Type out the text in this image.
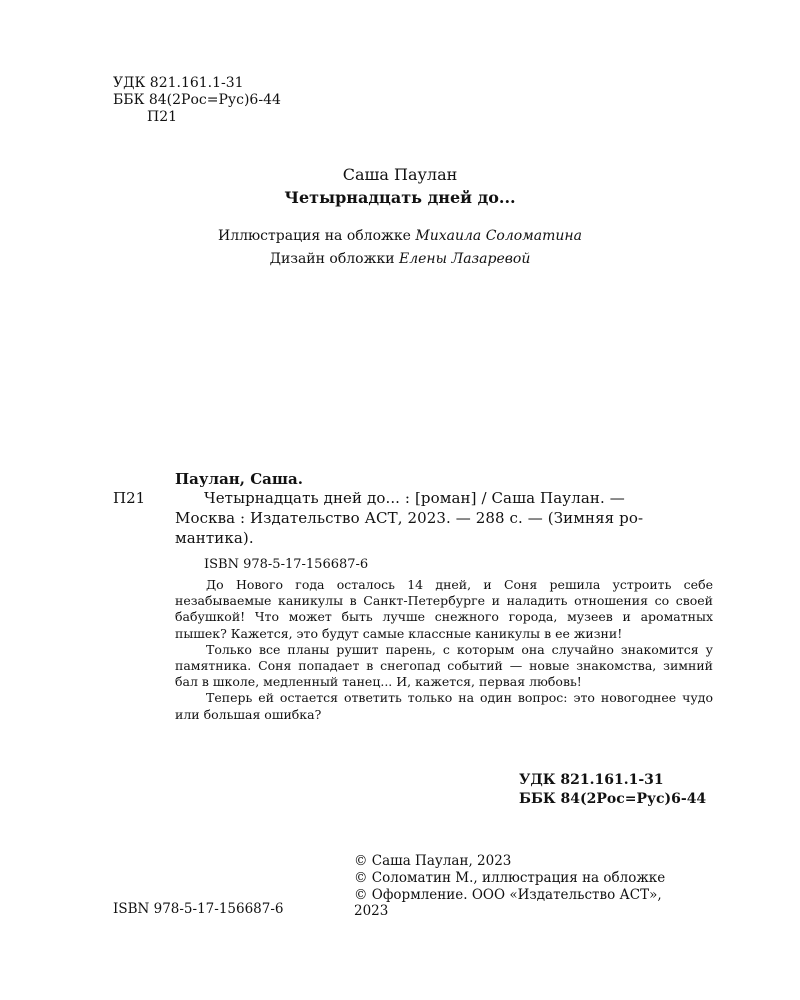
УДК 821.161.1-31
ББК 84(2Рос=Рус)6-44
П21
Саша Паулан
Четырнадцать дней до...
Иллюстрация на обложке Михаила Соломатина
Дизайн обложки Елены Лазаревой
Паулан, Саша.
П21	Четырнадцать дней до... : [роман] / Саша Паулан. —
Москва : Издательство АСТ, 2023. — 288 с. — (Зимняя ро-
мантика).
ISBN 978-5-17-156687-6

До Нового года осталось 14 дней, и Соня решила устроить себе незабываемые каникулы в Санкт-Петербурге и наладить отношения со своей бабушкой! Что может быть лучше снежного города, музеев и ароматных пышек? Кажется, это будут самые классные каникулы в ее жизни!

Только все планы рушит парень, с которым она случайно знакомится у памятника. Соня попадает в снегопад событий — новые знакомства, зимний бал в школе, медленный танец... И, кажется, первая любовь!

Теперь ей остается ответить только на один вопрос: это новогоднее чудо или большая ошибка?

УДК 821.161.1-31
ББК 84(2Рос=Рус)6-44
© Саша Паулан, 2023
© Соломатин М., иллюстрация на обложке
© Оформление. ООО «Издательство АСТ»,
2023
ISBN 978-5-17-156687-6
